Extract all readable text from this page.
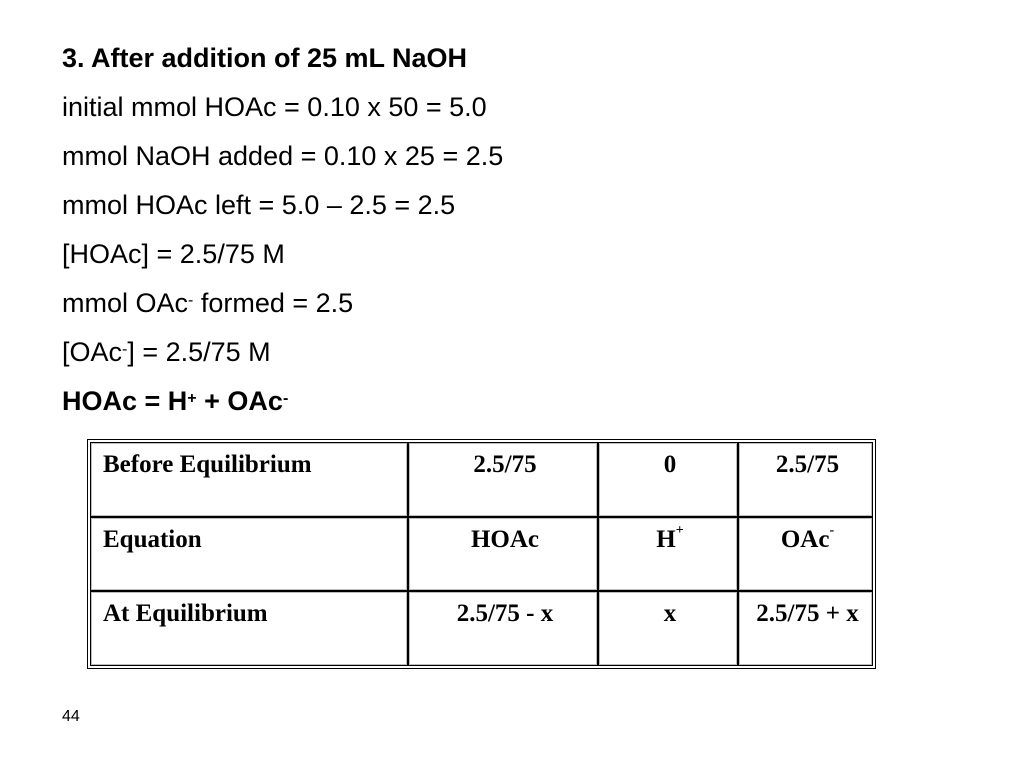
3. After addition of 25 mL NaOH
initial mmol HOAc = 0.10 x 50 = 5.0
mmol NaOH added = 0.10 x 25 = 2.5
mmol HOAc left = 5.0 – 2.5 = 2.5
[HOAc] = 2.5/75 M
mmol OAc- formed = 2.5
[OAc-] = 2.5/75 M
HOAc = H+ + OAc-
Before Equilibrium	2.5/75	0	2.5/75
Equation	HOAc	H+	OAc-
At Equilibrium	2.5/75 - x	x	2.5/75 + x
44
